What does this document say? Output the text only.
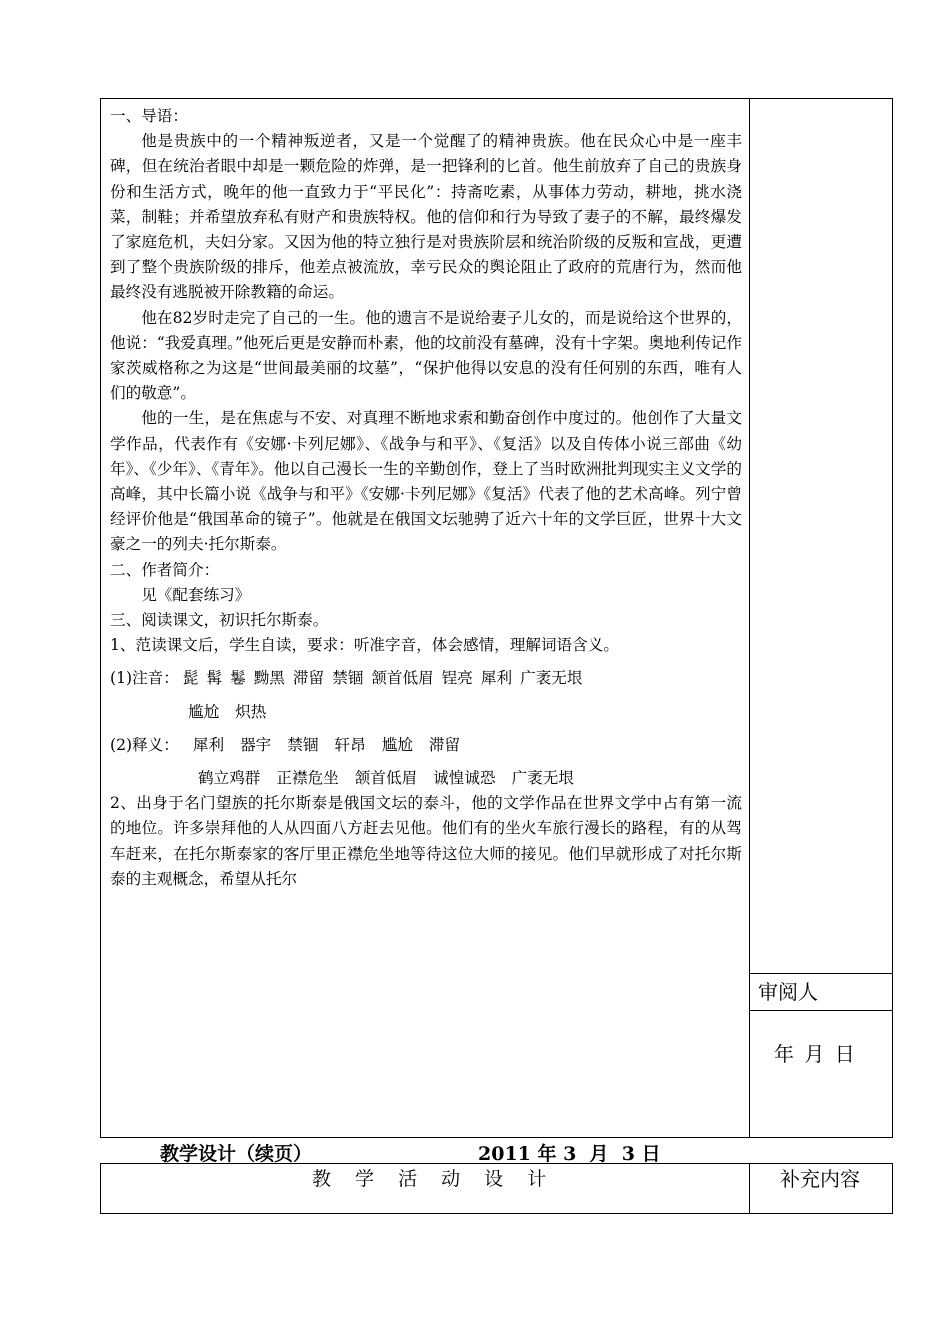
一、导语：

他是贵族中的一个精神叛逆者，又是一个觉醒了的精神贵族。他在民众心中是一座丰碑，但在统治者眼中却是一颗危险的炸弹，是一把锋利的匕首。他生前放弃了自己的贵族身份和生活方式，晚年的他一直致力于“平民化”：持斋吃素，从事体力劳动，耕地，挑水浇菜，制鞋；并希望放弃私有财产和贵族特权。他的信仰和行为导致了妻子的不解，最终爆发了家庭危机，夫妇分家。又因为他的特立独行是对贵族阶层和统治阶级的反叛和宣战，更遭到了整个贵族阶级的排斥，他差点被流放，幸亏民众的舆论阻止了政府的荒唐行为，然而他最终没有逃脱被开除教籍的命运。

他在82岁时走完了自己的一生。他的遗言不是说给妻子儿女的，而是说给这个世界的，他说：“我爱真理。”他死后更是安静而朴素，他的坟前没有墓碑，没有十字架。奥地利传记作家茨威格称之为这是“世间最美丽的坟墓”，“保护他得以安息的没有任何别的东西，唯有人们的敬意”。

他的一生，是在焦虑与不安、对真理不断地求索和勤奋创作中度过的。他创作了大量文学作品，代表作有《安娜·卡列尼娜》、《战争与和平》、《复活》以及自传体小说三部曲《幼年》、《少年》、《青年》。他以自己漫长一生的辛勤创作，登上了当时欧洲批判现实主义文学的高峰，其中长篇小说《战争与和平》《安娜·卡列尼娜》《复活》代表了他的艺术高峰。列宁曾经评价他是“俄国革命的镜子”。他就是在俄国文坛驰骋了近六十年的文学巨匠，世界十大文豪之一的列夫·托尔斯泰。

二、作者简介：

见《配套练习》

三、阅读课文，初识托尔斯泰。

1、范读课文后，学生自读，要求：听准字音，体会感情，理解词语含义。

(1)注音： 髭 髯 鬈 黝黑 滞留 禁锢 颔首低眉 锃亮 犀利 广袤无垠
尴尬 炽热
(2)释义： 犀利 器宇 禁锢 轩昂 尴尬 滞留
鹤立鸡群 正襟危坐 颔首低眉 诚惶诚恐 广袤无垠

2、出身于名门望族的托尔斯泰是俄国文坛的泰斗，他的文学作品在世界文学中占有第一流的地位。许多崇拜他的人从四面八方赶去见他。他们有的坐火车旅行漫长的路程，有的从驾车赶来，在托尔斯泰家的客厅里正襟危坐地等待这位大师的接见。他们早就形成了对托尔斯泰的主观概念，希望从托尔

审阅人
年 月 日
教学设计（续页）	2011 年 3  月  3 日
教 学 活 动 设 计	补充内容
